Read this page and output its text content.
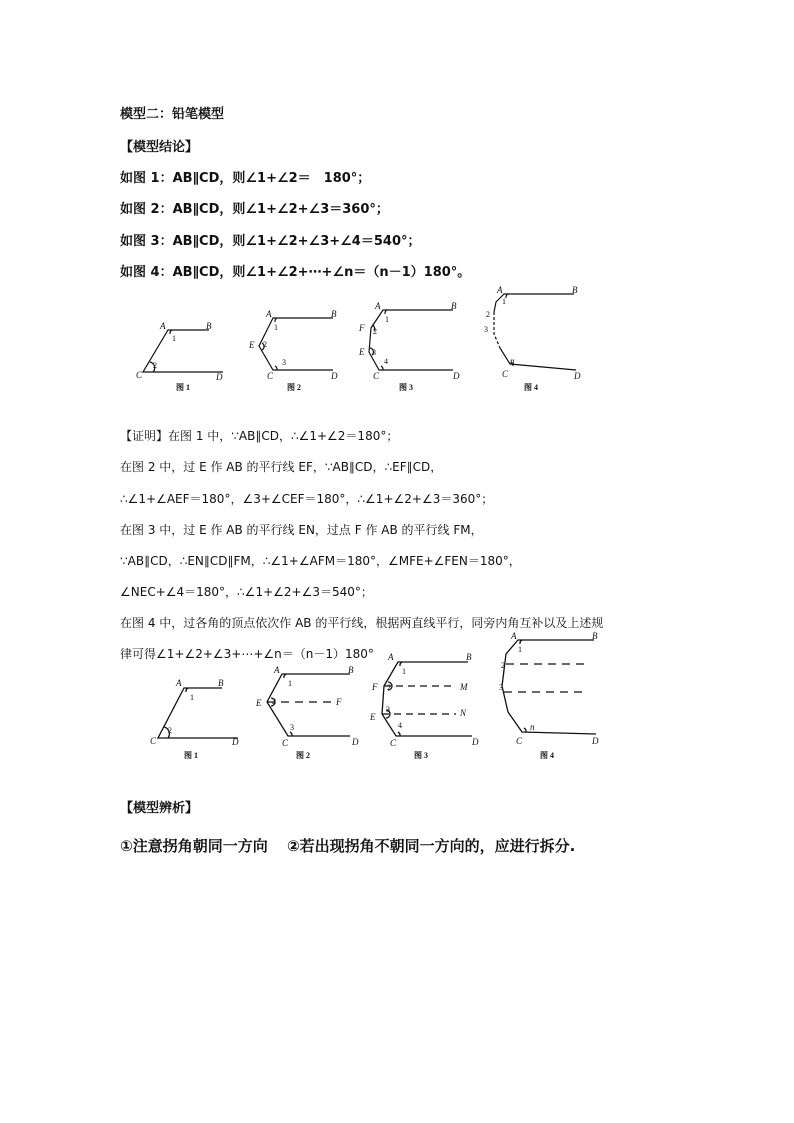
模型二：铅笔模型
【模型结论】
如图 1：AB∥CD，则∠1+∠2＝　180°；
如图 2：AB∥CD，则∠1+∠2+∠3＝360°；
如图 3：AB∥CD，则∠1+∠2+∠3+∠4＝540°；
如图 4：AB∥CD，则∠1+∠2+⋯+∠n＝（n－1）180°。
A	B
C	D
1
2
图 1
A	B
E
C	D
1
2
3
图 2
A	B
F
E
C	D
1
2
3
4
图 3
A	B
1
2
3
n
C	D
图 4
【证明】在图 1 中，∵AB∥CD，∴∠1+∠2＝180°；
在图 2 中，过 E 作 AB 的平行线 EF，∵AB∥CD，∴EF∥CD，
∴∠1+∠AEF＝180°，∠3+∠CEF＝180°，∴∠1+∠2+∠3＝360°；
在图 3 中，过 E 作 AB 的平行线 EN，过点 F 作 AB 的平行线 FM，
∵AB∥CD，∴EN∥CD∥FM，∴∠1+∠AFM＝180°，∠MFE+∠FEN＝180°，
∠NEC+∠4＝180°，∴∠1+∠2+∠3＝540°；
在图 4 中，过各角的顶点依次作 AB 的平行线，根据两直线平行，同旁内角互补以及上述规
律可得∠1+∠2+∠3+⋯+∠n＝（n－1）180°
A	B
C	D
1
2
图 1
A	B
E	F
C	D
1
2
3
图 2
A	B
F
E
M
N
C	D
1
2
3
4
图 3
A	B
1
2
3
n
C	D
图 4
【模型辨析】
①注意拐角朝同一方向 ②若出现拐角不朝同一方向的，应进行拆分.
